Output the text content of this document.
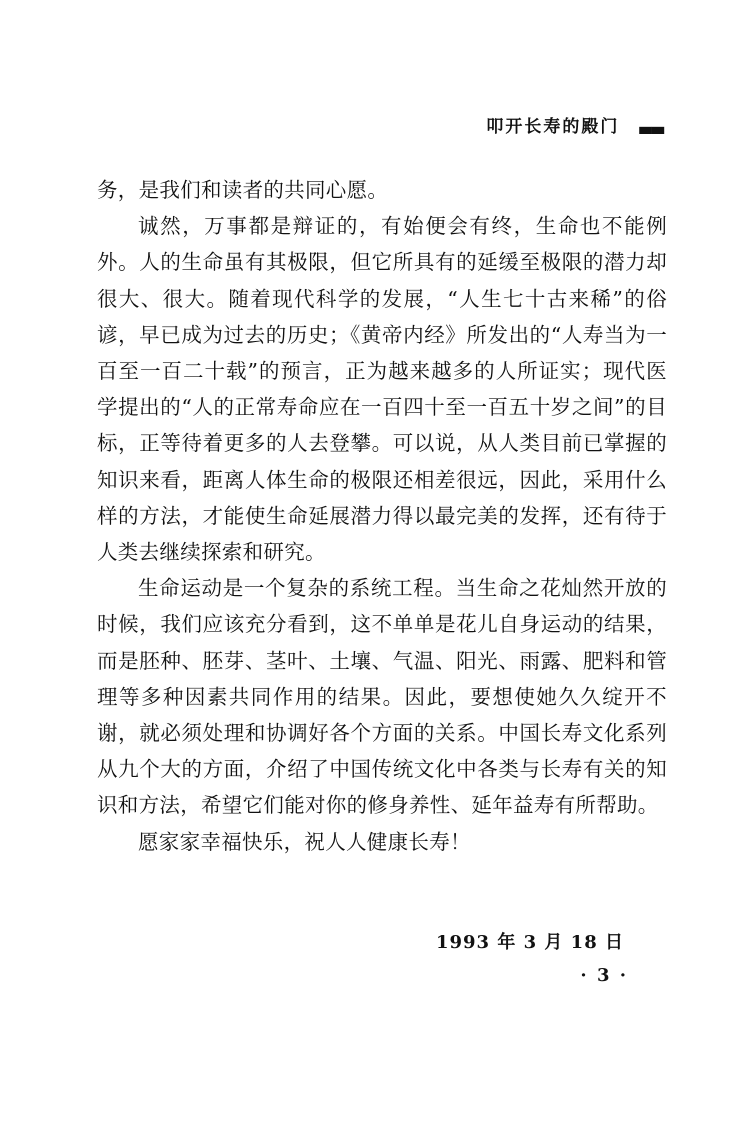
叩开长寿的殿门 ▃▃

务，是我们和读者的共同心愿。

诚然，万事都是辩证的，有始便会有终，生命也不能例外。人的生命虽有其极限，但它所具有的延缓至极限的潜力却很大、很大。随着现代科学的发展，“人生七十古来稀”的俗谚，早已成为过去的历史；《黄帝内经》所发出的“人寿当为一百至一百二十载”的预言，正为越来越多的人所证实；现代医学提出的“人的正常寿命应在一百四十至一百五十岁之间”的目标，正等待着更多的人去登攀。可以说，从人类目前已掌握的知识来看，距离人体生命的极限还相差很远，因此，采用什么样的方法，才能使生命延展潜力得以最完美的发挥，还有待于人类去继续探索和研究。

生命运动是一个复杂的系统工程。当生命之花灿然开放的时候，我们应该充分看到，这不单单是花儿自身运动的结果，而是胚种、胚芽、茎叶、土壤、气温、阳光、雨露、肥料和管理等多种因素共同作用的结果。因此，要想使她久久绽开不谢，就必须处理和协调好各个方面的关系。中国长寿文化系列从九个大的方面，介绍了中国传统文化中各类与长寿有关的知识和方法，希望它们能对你的修身养性、延年益寿有所帮助。

愿家家幸福快乐，祝人人健康长寿！

1993 年 3 月 18 日
· 3 ·
